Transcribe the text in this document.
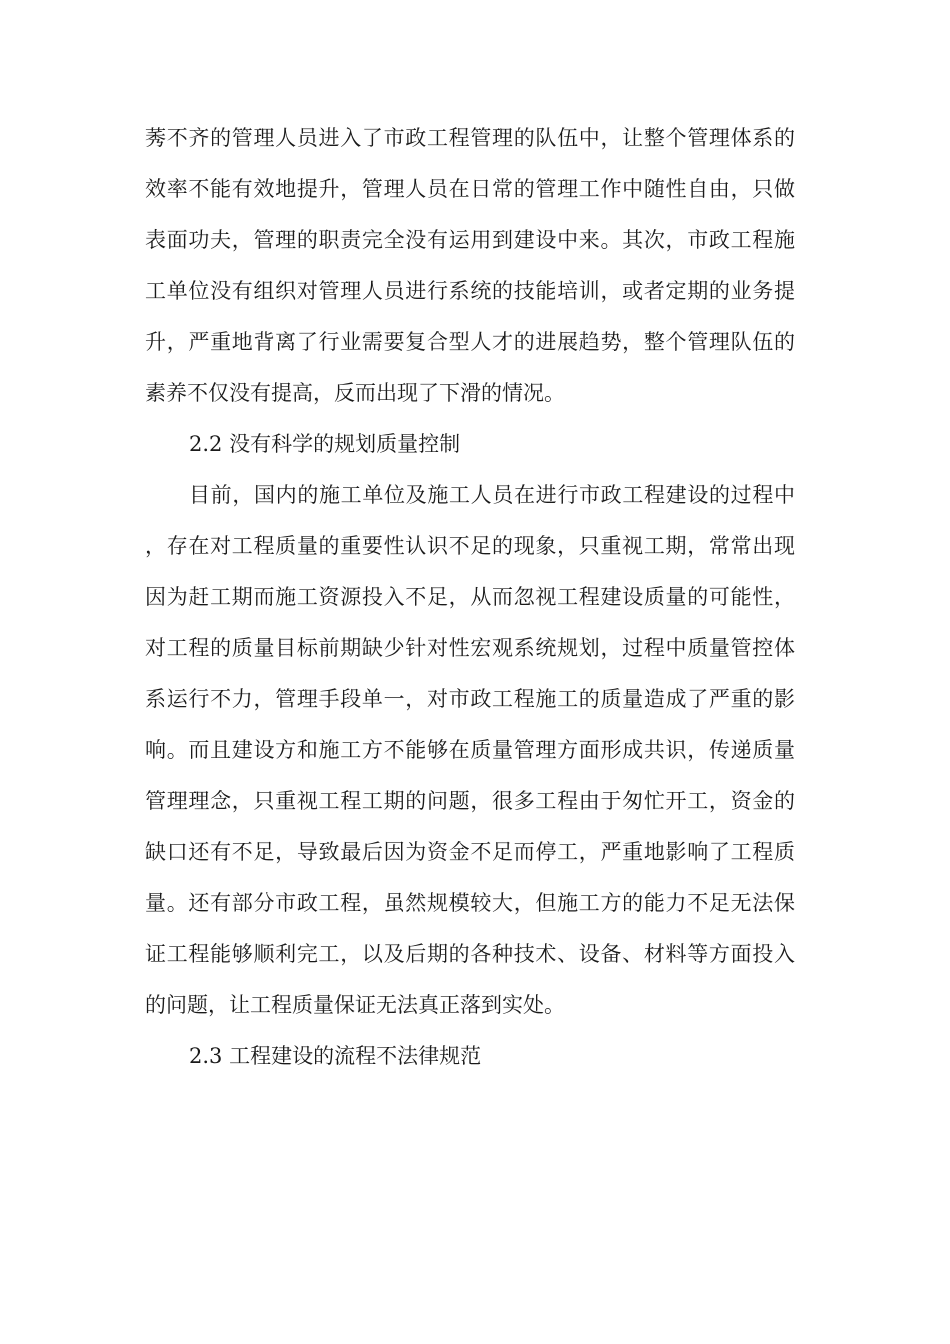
莠不齐的管理人员进入了市政工程管理的队伍中，让整个管理体系的效率不能有效地提升，管理人员在日常的管理工作中随性自由，只做表面功夫，管理的职责完全没有运用到建设中来。其次，市政工程施工单位没有组织对管理人员进行系统的技能培训，或者定期的业务提升，严重地背离了行业需要复合型人才的进展趋势，整个管理队伍的素养不仅没有提高，反而出现了下滑的情况。

2.2 没有科学的规划质量控制

目前，国内的施工单位及施工人员在进行市政工程建设的过程中，存在对工程质量的重要性认识不足的现象，只重视工期，常常出现因为赶工期而施工资源投入不足，从而忽视工程建设质量的可能性，对工程的质量目标前期缺少针对性宏观系统规划，过程中质量管控体系运行不力，管理手段单一，对市政工程施工的质量造成了严重的影响。而且建设方和施工方不能够在质量管理方面形成共识，传递质量管理理念，只重视工程工期的问题，很多工程由于匆忙开工，资金的缺口还有不足，导致最后因为资金不足而停工，严重地影响了工程质量。还有部分市政工程，虽然规模较大，但施工方的能力不足无法保证工程能够顺利完工，以及后期的各种技术、设备、材料等方面投入的问题，让工程质量保证无法真正落到实处。

2.3 工程建设的流程不法律规范
